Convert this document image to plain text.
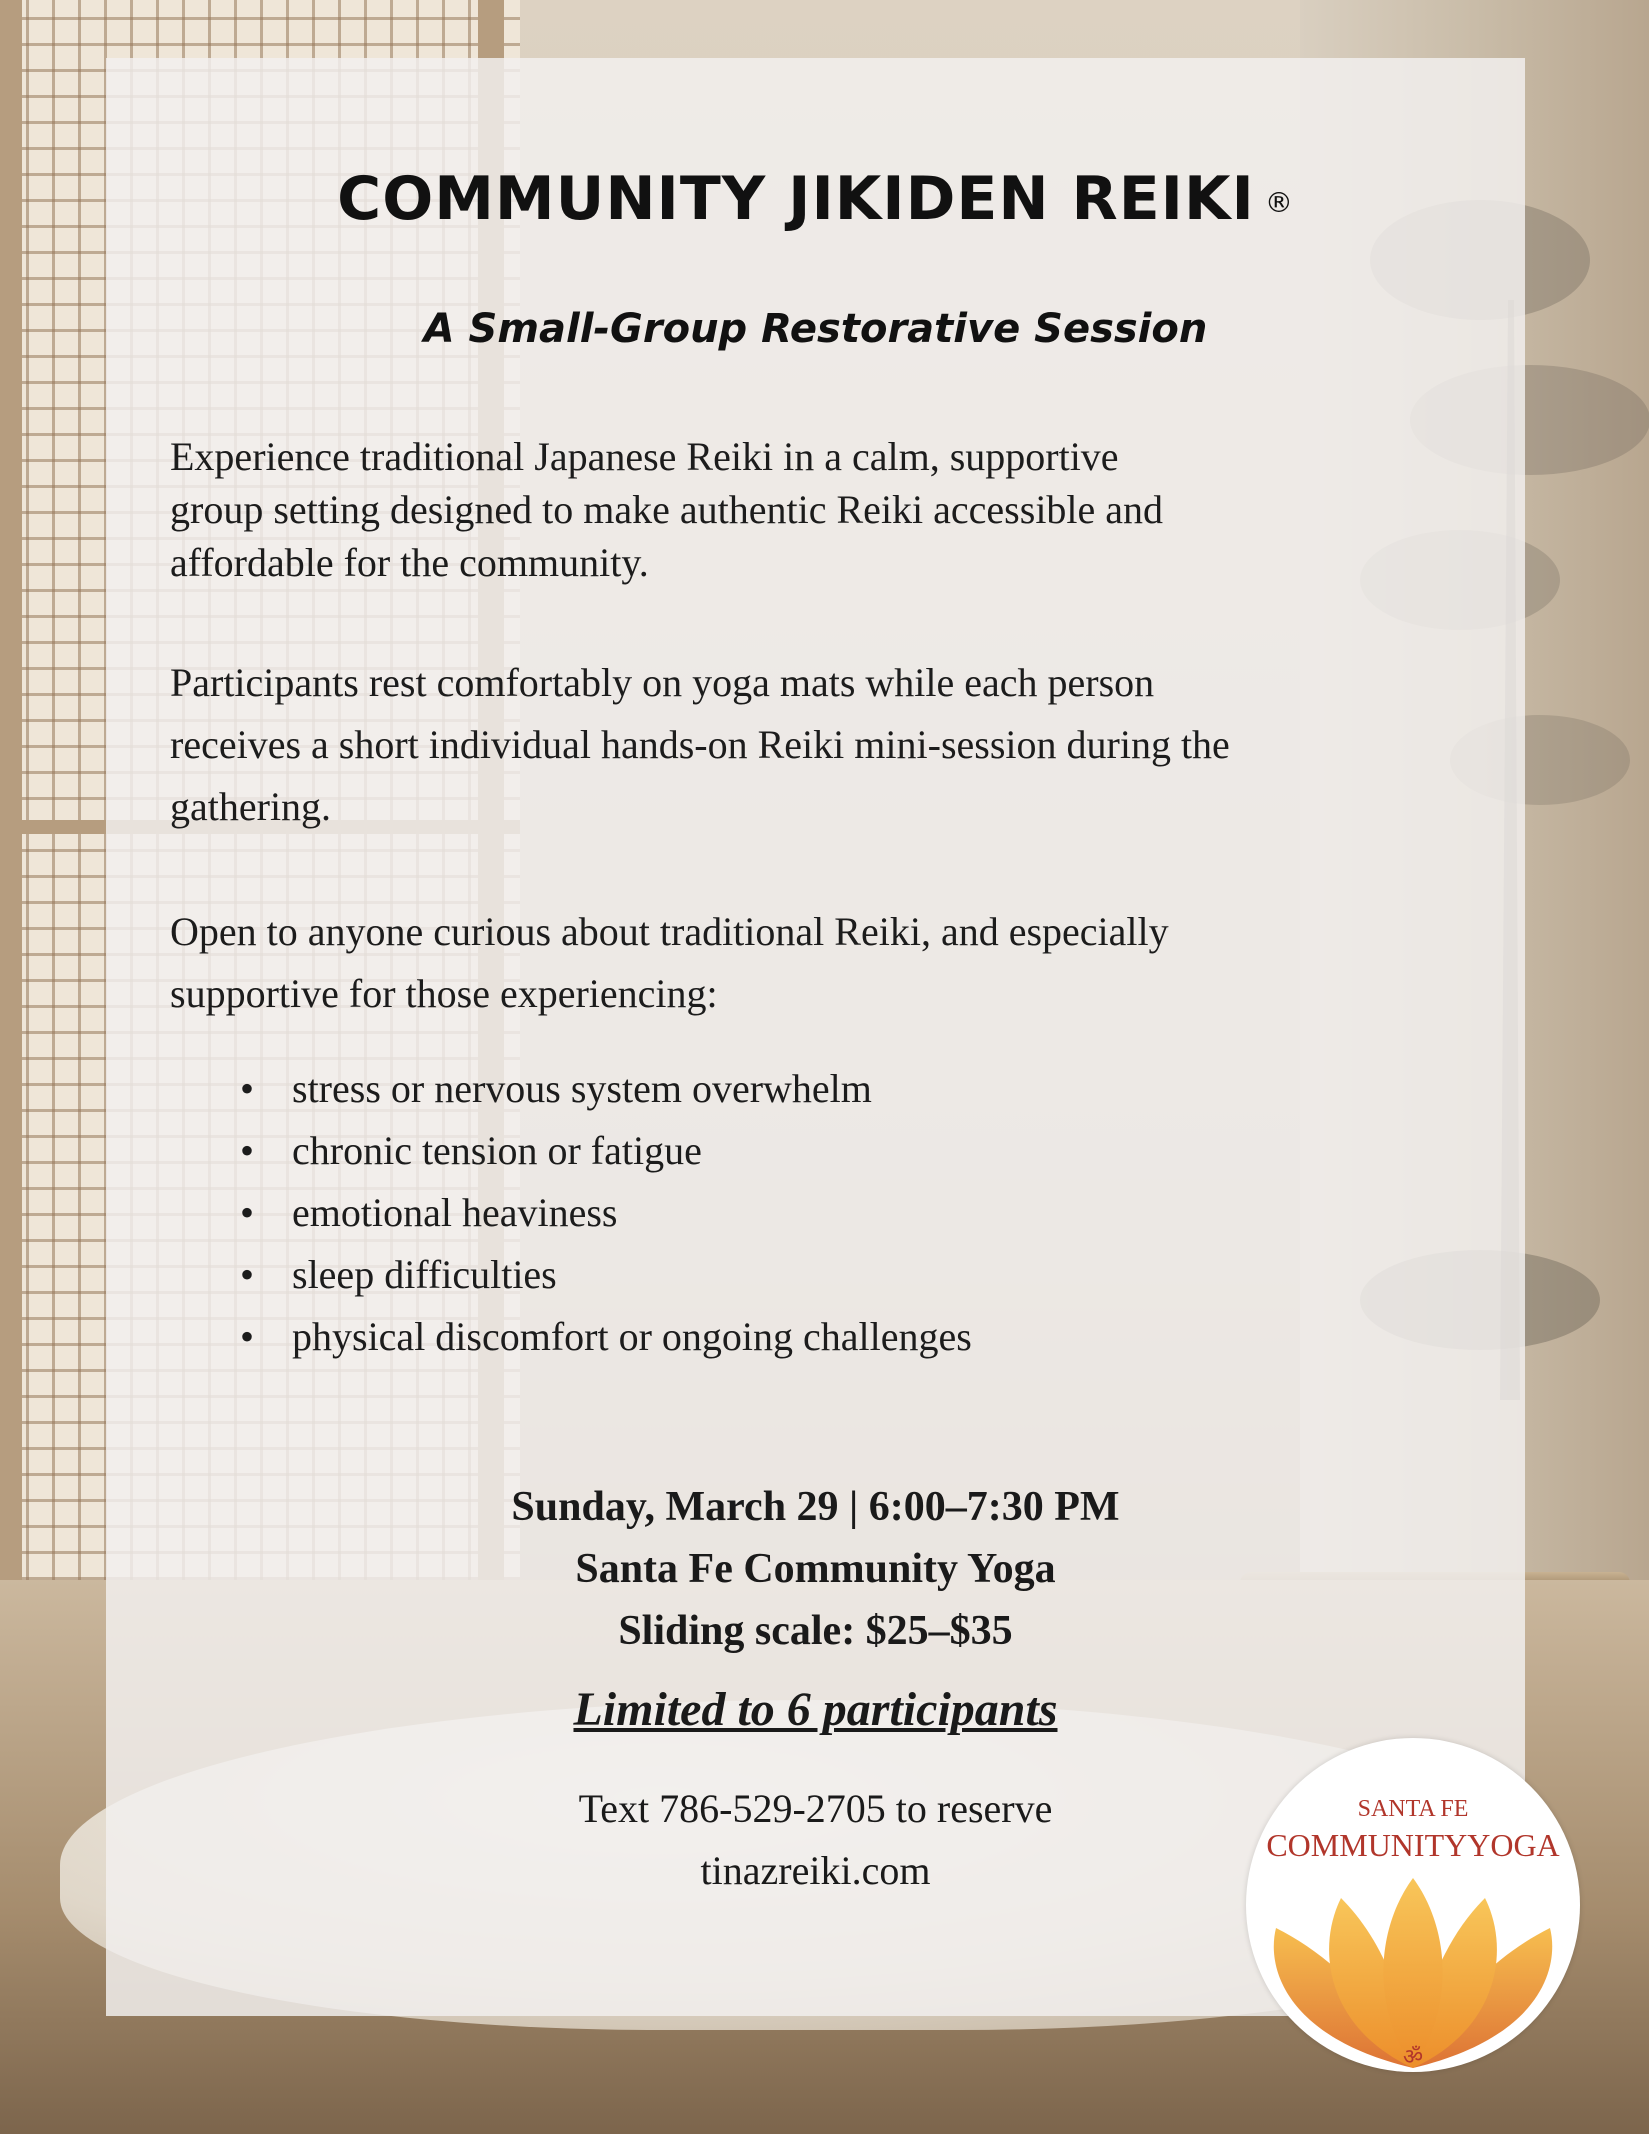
COMMUNITY JIKIDEN REIKI ®
A Small-Group Restorative Session

Experience traditional Japanese Reiki in a calm, supportive
group setting designed to make authentic Reiki accessible and
affordable for the community.

Participants rest comfortably on yoga mats while each person
receives a short individual hands-on Reiki mini-session during the
gathering.

Open to anyone curious about traditional Reiki, and especially
supportive for those experiencing:

• stress or nervous system overwhelm
• chronic tension or fatigue
• emotional heaviness
• sleep difficulties
• physical discomfort or ongoing challenges
Sunday, March 29 | 6:00–7:30 PM
Santa Fe Community Yoga
Sliding scale: $25–$35
Limited to 6 participants
Text 786-529-2705 to reserve
tinazreiki.com
SANTA FE
COMMUNITYYOGA
ॐ
